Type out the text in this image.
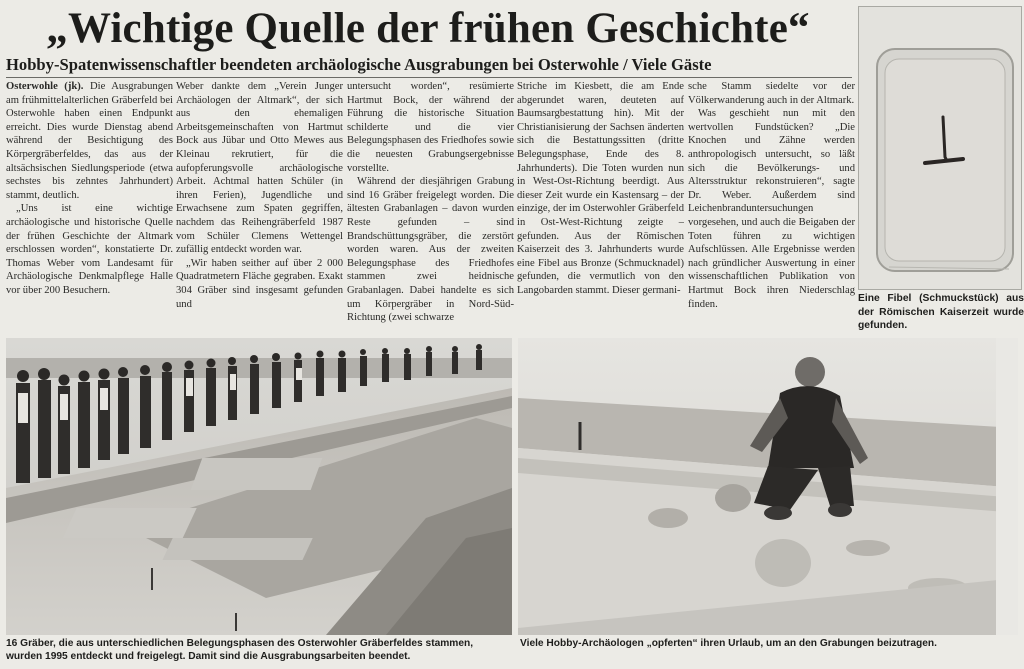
„Wichtige Quelle der frühen Geschichte“
Hobby-Spatenwissenschaftler beendeten archäologische Ausgrabungen bei Osterwohle / Viele Gäste

Osterwohle (jk). Die Ausgrabungen am frühmittelalterlichen Gräberfeld bei Osterwohle haben einen Endpunkt erreicht. Dies wurde Dienstag abend während der Besichtigung des Körpergräberfeldes, das aus der altsächsischen Siedlungsperiode (etwa sechstes bis zehntes Jahrhundert) stammt, deutlich.

„Uns ist eine wichtige archäologische und historische Quelle der frühen Geschichte der Altmark erschlossen worden“, konstatierte Dr. Thomas Weber vom Landesamt für Archäologische Denkmalpflege Halle vor über 200 Besuchern.

Weber dankte dem „Verein Junger Archäologen der Altmark“, der sich aus den ehemaligen Arbeitsgemeinschaften von Hartmut Bock aus Jübar und Otto Mewes aus Kleinau rekrutiert, für die aufopferungsvolle archäologische Arbeit. Achtmal hatten Schüler (in ihren Ferien), Jugendliche und Erwachsene zum Spaten gegriffen, nachdem das Reihengräberfeld 1987 vom Schüler Clemens Wettengel zufällig entdeckt worden war.

„Wir haben seither auf über 2 000 Quadratmetern Fläche gegraben. Exakt 304 Gräber sind insgesamt gefunden und

untersucht worden“, resümierte Hartmut Bock, der während der Führung die historische Situation schilderte und die vier Belegungsphasen des Friedhofes sowie die neuesten Grabungsergebnisse vorstellte.

Während der diesjährigen Grabung sind 16 Gräber freigelegt worden. Die ältesten Grabanlagen – davon wurden Reste gefunden – sind Brandschüttungsgräber, die zerstört worden waren. Aus der zweiten Belegungsphase des Friedhofes stammen zwei heidnische Grabanlagen. Dabei handelte es sich um Körpergräber in Nord-Süd-Richtung (zwei schwarze

Striche im Kiesbett, die am Ende abgerundet waren, deuteten auf Baumsargbestattung hin). Mit der Christianisierung der Sachsen änderten sich die Bestattungssitten (dritte Belegungsphase, Ende des 8. Jahrhunderts). Die Toten wurden nun in West-Ost-Richtung beerdigt. Aus dieser Zeit wurde ein Kastensarg – der einzige, der im Osterwohler Gräberfeld in Ost-West-Richtung zeigte – gefunden. Aus der Römischen Kaiserzeit des 3. Jahrhunderts wurde eine Fibel aus Bronze (Schmucknadel) gefunden, die vermutlich von den Langobarden stammt. Dieser germani-

sche Stamm siedelte vor der Völkerwanderung auch in der Altmark.

Was geschieht nun mit den wertvollen Fundstücken? „Die Knochen und Zähne werden anthropologisch untersucht, so läßt sich die Bevölkerungs- und Altersstruktur rekonstruieren“, sagte Dr. Weber. Außerdem sind Leichenbranduntersuchungen vorgesehen, und auch die Beigaben der Toten führen zu wichtigen Aufschlüssen. Alle Ergebnisse werden nach gründlicher Auswertung in einer wissenschaftlichen Publikation von Hartmut Bock ihren Niederschlag finden.	Eine Fibel (Schmuckstück) aus der Römischen Kaiserzeit wurde gefunden.
16 Gräber, die aus unterschiedlichen Belegungsphasen des Osterwohler Gräberfeldes stammen, wurden 1995 entdeckt und freigelegt. Damit sind die Ausgrabungsarbeiten beendet.
Viele Hobby-Archäologen „opferten“ ihren Urlaub, um an den Grabungen beizutragen.
